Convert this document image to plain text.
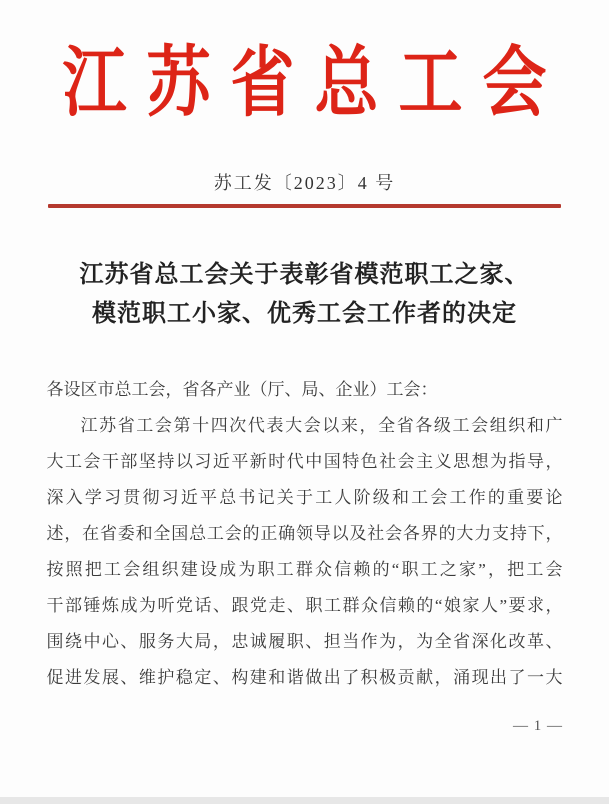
江苏省总工会
苏工发〔2023〕4 号
江苏省总工会关于表彰省模范职工之家、
模范职工小家、优秀工会工作者的决定
各设区市总工会，省各产业（厅、局、企业）工会：
江苏省工会第十四次代表大会以来，全省各级工会组织和广
大工会干部坚持以习近平新时代中国特色社会主义思想为指导，
深入学习贯彻习近平总书记关于工人阶级和工会工作的重要论
述，在省委和全国总工会的正确领导以及社会各界的大力支持下，
按照把工会组织建设成为职工群众信赖的“职工之家”，把工会
干部锤炼成为听党话、跟党走、职工群众信赖的“娘家人”要求，
围绕中心、服务大局，忠诚履职、担当作为，为全省深化改革、
促进发展、维护稳定、构建和谐做出了积极贡献，涌现出了一大
— 1 —
